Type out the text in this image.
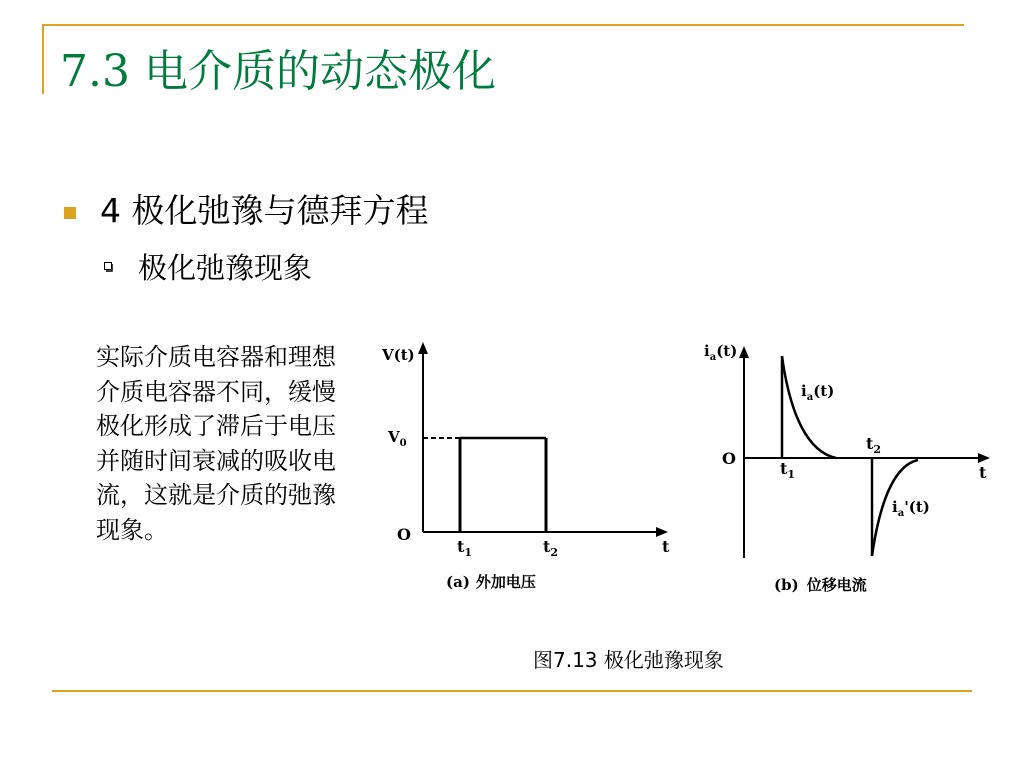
7.3 电介质的动态极化
4 极化弛豫与德拜方程
极化弛豫现象
实际介质电容器和理想介质电容器不同，缓慢极化形成了滞后于电压并随时间衰减的吸收电流，这就是介质的弛豫现象。
V(t)
$V_0$
O
$t_1$	$t_2$	t
(a) 外加电压
$i_a(t)$
$i_a(t)$
$i_a'(t)$
O
$t_1$
$t_2$
t
(b) 位移电流
图7.13 极化弛豫现象
